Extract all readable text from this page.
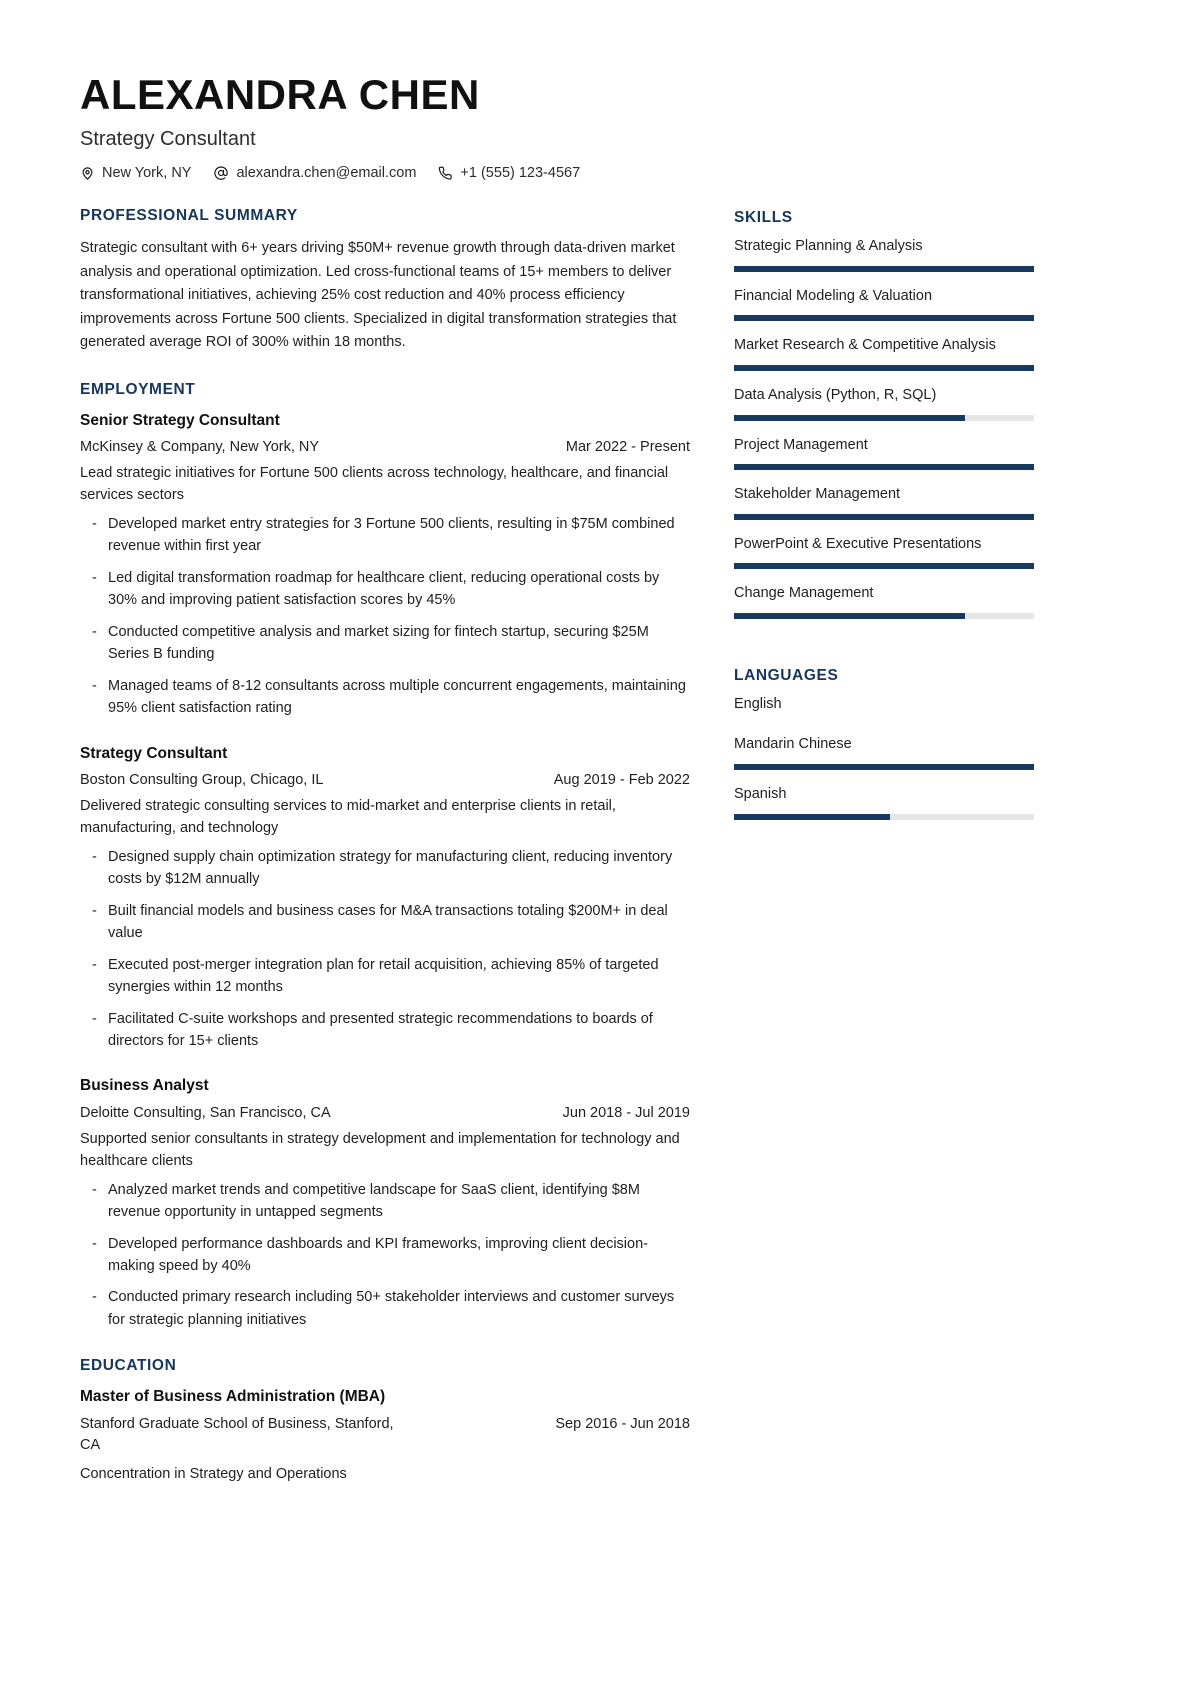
ALEXANDRA CHEN
Strategy Consultant
New York, NY	alexandra.chen@email.com	+1 (555) 123-4567
PROFESSIONAL SUMMARY

Strategic consultant with 6+ years driving $50M+ revenue growth through data-driven market analysis and operational optimization. Led cross-functional teams of 15+ members to deliver transformational initiatives, achieving 25% cost reduction and 40% process efficiency improvements across Fortune 500 clients. Specialized in digital transformation strategies that generated average ROI of 300% within 18 months.

EMPLOYMENT
Senior Strategy Consultant
McKinsey & Company, New York, NY	Mar 2022 - Present

Lead strategic initiatives for Fortune 500 clients across technology, healthcare, and financial services sectors

- Developed market entry strategies for 3 Fortune 500 clients, resulting in $75M combined revenue within first year
- Led digital transformation roadmap for healthcare client, reducing operational costs by 30% and improving patient satisfaction scores by 45%
- Conducted competitive analysis and market sizing for fintech startup, securing $25M Series B funding
- Managed teams of 8-12 consultants across multiple concurrent engagements, maintaining 95% client satisfaction rating
Strategy Consultant
Boston Consulting Group, Chicago, IL	Aug 2019 - Feb 2022

Delivered strategic consulting services to mid-market and enterprise clients in retail, manufacturing, and technology

- Designed supply chain optimization strategy for manufacturing client, reducing inventory costs by $12M annually
- Built financial models and business cases for M&A transactions totaling $200M+ in deal value
- Executed post-merger integration plan for retail acquisition, achieving 85% of targeted synergies within 12 months
- Facilitated C-suite workshops and presented strategic recommendations to boards of directors for 15+ clients
Business Analyst
Deloitte Consulting, San Francisco, CA	Jun 2018 - Jul 2019

Supported senior consultants in strategy development and implementation for technology and healthcare clients

- Analyzed market trends and competitive landscape for SaaS client, identifying $8M revenue opportunity in untapped segments
- Developed performance dashboards and KPI frameworks, improving client decision-making speed by 40%
- Conducted primary research including 50+ stakeholder interviews and customer surveys for strategic planning initiatives
EDUCATION
Master of Business Administration (MBA)
Stanford Graduate School of Business, Stanford, CA
Sep 2016 - Jun 2018

Concentration in Strategy and Operations

SKILLS
Strategic Planning & Analysis
Financial Modeling & Valuation
Market Research & Competitive Analysis
Data Analysis (Python, R, SQL)
Project Management
Stakeholder Management
PowerPoint & Executive Presentations
Change Management
LANGUAGES
English
Mandarin Chinese
Spanish
